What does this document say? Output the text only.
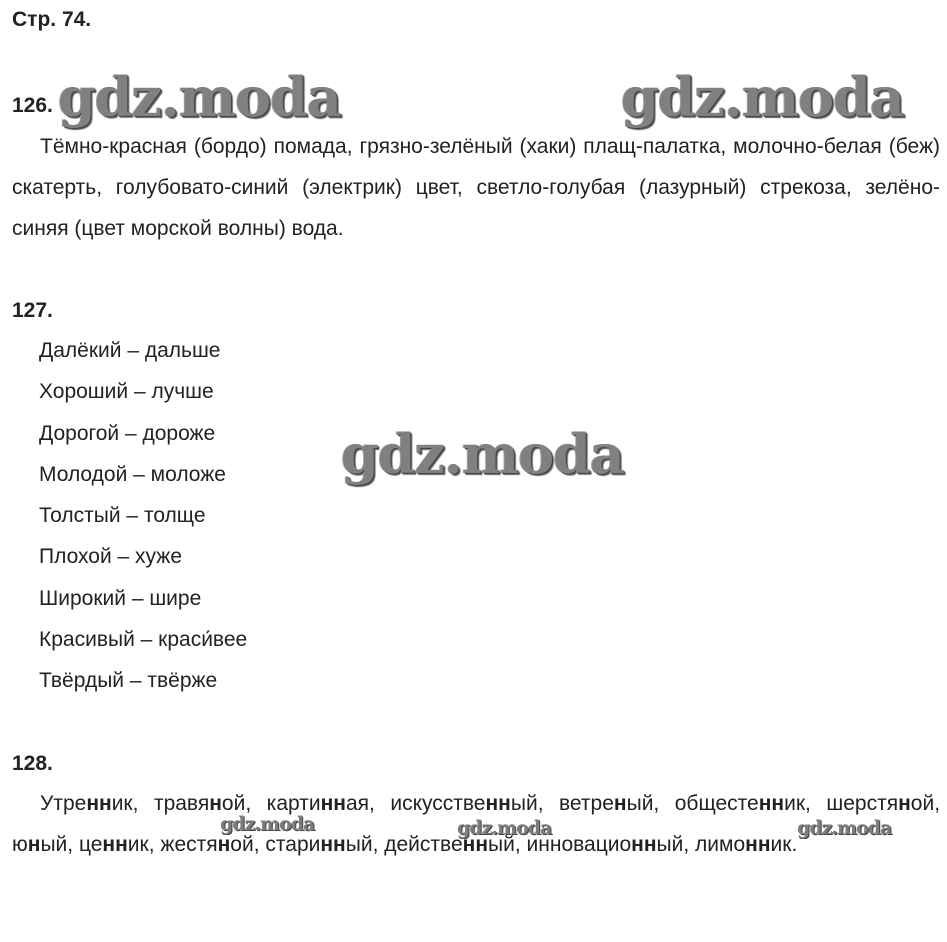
Стр. 74.
126.
Тёмно-красная (бордо) помада, грязно-зелёный (хаки) плащ-палатка, молочно-белая (беж) скатерть, голубовато-синий (электрик) цвет, светло-голубая (лазурный) стрекоза, зелёно-синяя (цвет морской волны) вода.
127.
Далёкий – дальше
Хороший – лучше
Дорогой – дороже
Молодой – моложе
Толстый – толще
Плохой – хуже
Широкий – шире
Красивый – краси́вее
Твёрдый – твёрже
128.
Утренник, травяной, картинная, искусственный, ветреный, общестенник, шерстяной, юный, ценник, жестяной, старинный, действенный, инновационный, лимонник.
gdz.moda	gdz.moda
gdz.moda
gdz.moda	gdz.moda	gdz.moda
